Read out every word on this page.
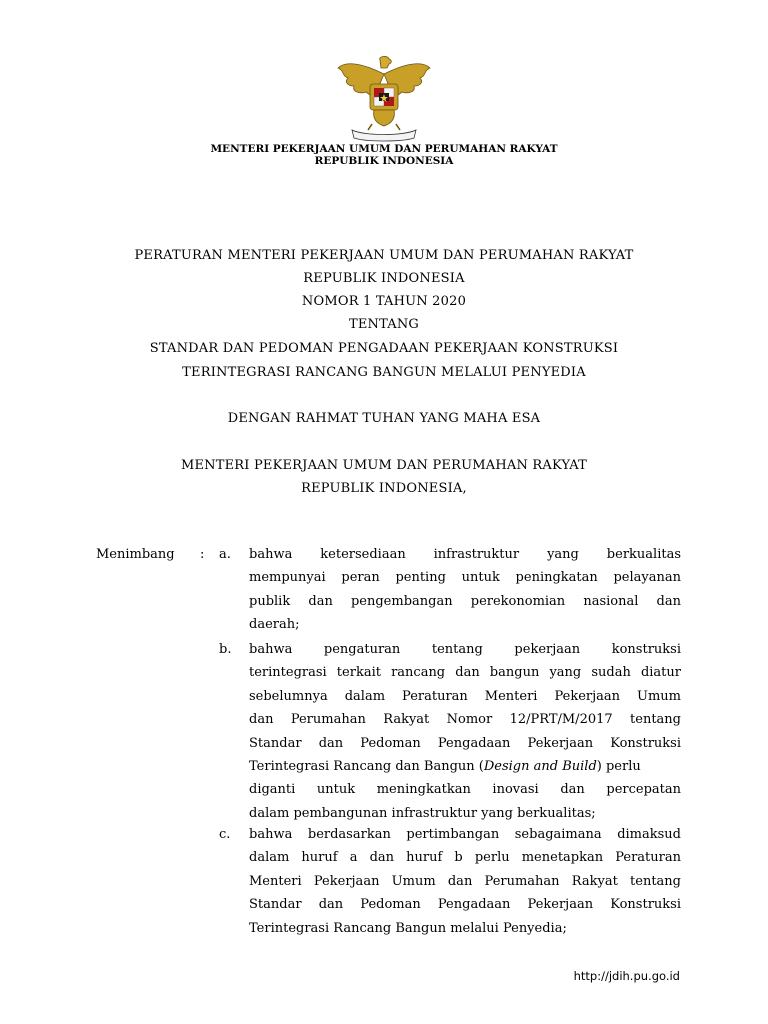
MENTERI PEKERJAAN UMUM DAN PERUMAHAN RAKYAT
REPUBLIK INDONESIA
PERATURAN MENTERI PEKERJAAN UMUM DAN PERUMAHAN RAKYAT
REPUBLIK INDONESIA
NOMOR 1 TAHUN 2020
TENTANG
STANDAR DAN PEDOMAN PENGADAAN PEKERJAAN KONSTRUKSI
TERINTEGRASI RANCANG BANGUN MELALUI PENYEDIA
DENGAN RAHMAT TUHAN YANG MAHA ESA
MENTERI PEKERJAAN UMUM DAN PERUMAHAN RAKYAT
REPUBLIK INDONESIA,
Menimbang : a.	bahwa ketersediaan infrastruktur yang berkualitas
mempunyai peran penting untuk peningkatan pelayanan
publik dan pengembangan perekonomian nasional dan
daerah;
b.	bahwa pengaturan tentang pekerjaan konstruksi
terintegrasi terkait rancang dan bangun yang sudah diatur
sebelumnya dalam Peraturan Menteri Pekerjaan Umum
dan Perumahan Rakyat Nomor 12/PRT/M/2017 tentang
Standar dan Pedoman Pengadaan Pekerjaan Konstruksi
Terintegrasi Rancang dan Bangun (Design and Build) perlu
diganti untuk meningkatkan inovasi dan percepatan
dalam pembangunan infrastruktur yang berkualitas;
c.	bahwa berdasarkan pertimbangan sebagaimana dimaksud
dalam huruf a dan huruf b perlu menetapkan Peraturan
Menteri Pekerjaan Umum dan Perumahan Rakyat tentang
Standar dan Pedoman Pengadaan Pekerjaan Konstruksi
Terintegrasi Rancang Bangun melalui Penyedia;
http://jdih.pu.go.id
